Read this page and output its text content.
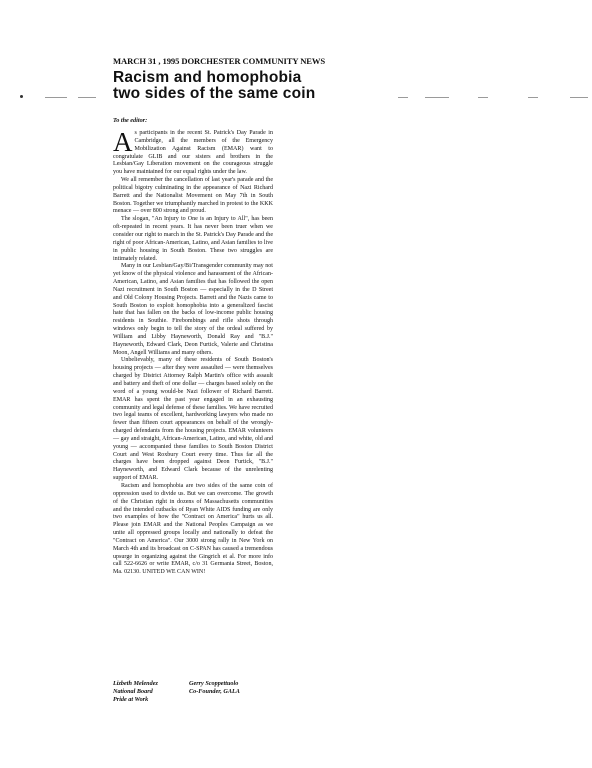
MARCH 31 , 1995 DORCHESTER COMMUNITY NEWS
Racism and homophobia
two sides of the same coin
To the editor:

As participants in the recent St. Patrick's Day Parade in Cambridge, all the members of the Emergency Mobilization Against Racism (EMAR) want to congratulate GLIB and our sisters and brothers in the Lesbian/Gay Liberation movement on the courageous struggle you have maintained for our equal rights under the law.

We all remember the cancellation of last year's parade and the political bigotry culminating in the appearance of Nazi Richard Barrett and the Nationalist Movement on May 7th in South Boston. Together we triumphantly marched in protest to the KKK menace — over 800 strong and proud.

The slogan, "An Injury to One is an Injury to All", has been oft-repeated in recent years. It has never been truer when we consider our right to march in the St. Patrick's Day Parade and the right of poor African-American, Latino, and Asian families to live in public housing in South Boston. These two struggles are intimately related.

Many in our Lesbian/Gay/Bi/Transgender community may not yet know of the physical violence and harassment of the African-American, Latino, and Asian families that has followed the open Nazi recruitment in South Boston — especially in the D Street and Old Colony Housing Projects. Barrett and the Nazis came to South Boston to exploit homophobia into a generalized fascist hate that has fallen on the backs of low-income public housing residents in Southie. Firebombings and rifle shots through windows only begin to tell the story of the ordeal suffered by William and Libby Hayneworth, Donald Ray and "B.J." Hayneworth, Edward Clark, Deon Furtick, Valerie and Christina Moon, Angell Williams and many others.

Unbelievably, many of these residents of South Boston's housing projects — after they were assaulted — were themselves charged by District Attorney Ralph Martin's office with assault and battery and theft of one dollar — charges based solely on the word of a young would-be Nazi follower of Richard Barrett. EMAR has spent the past year engaged in an exhausting community and legal defense of these families. We have recruited two legal teams of excellent, hardworking lawyers who made no fewer than fifteen court appearances on behalf of the wrongly-charged defendants from the housing projects. EMAR volunteers — gay and straight, African-American, Latino, and white, old and young — accompanied these families to South Boston District Court and West Roxbury Court every time. Thus far all the charges have been dropped against Deon Furtick, "B.J." Hayneworth, and Edward Clark because of the unrelenting support of EMAR.

Racism and homophobia are two sides of the same coin of oppression used to divide us. But we can overcome. The growth of the Christian right in dozens of Massachusetts communities and the intended cutbacks of Ryan White AIDS funding are only two examples of how the "Contract on America" hurts us all. Please join EMAR and the National Peoples Campaign as we unite all oppressed groups locally and nationally to defeat the "Contract on America". Our 3000 strong rally in New York on March 4th and its broadcast on C-SPAN has caused a tremendous upsurge in organizing against the Gingrich et al. For more info call 522-6626 or write EMAR, c/o 31 Germania Street, Boston, Ma. 02130. UNITED WE CAN WIN!

Lizbeth Melendez
National Board
Pride at Work
Gerry Scoppettuolo
Co-Founder, GALA
